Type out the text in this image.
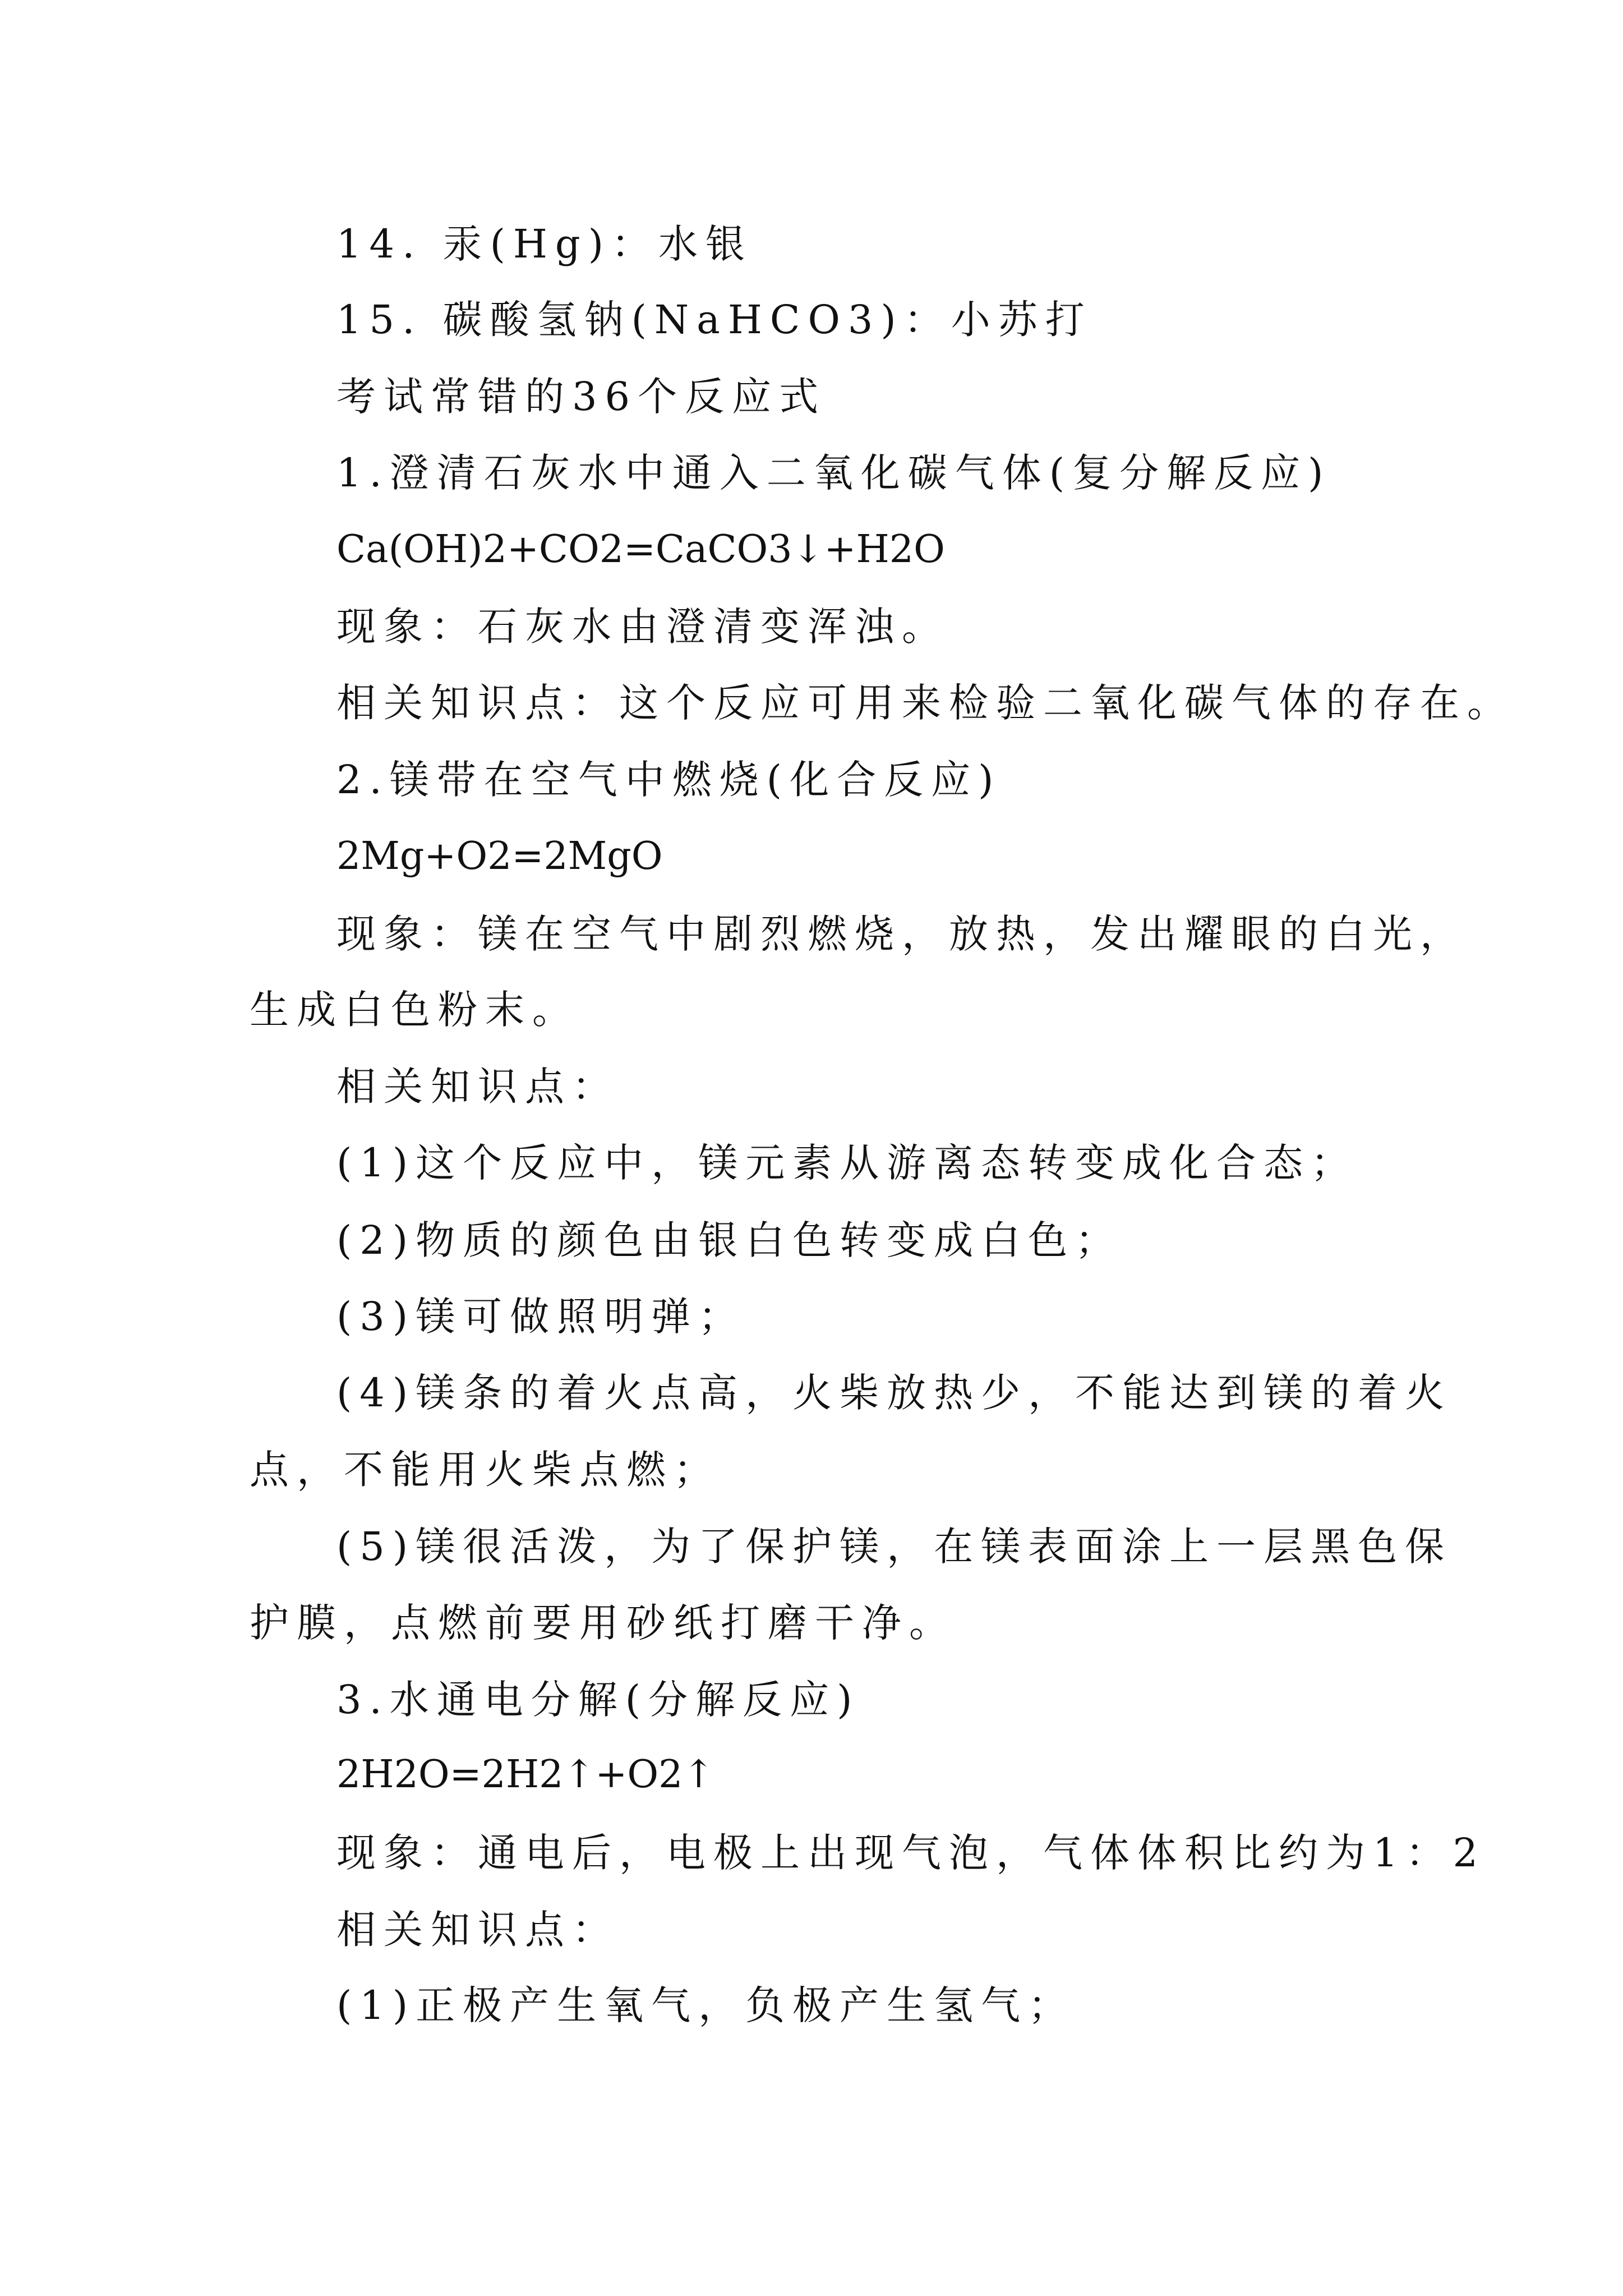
14. 汞(Hg)：水银
15. 碳酸氢钠(NaHCO3)：小苏打
考试常错的36个反应式
1.澄清石灰水中通入二氧化碳气体(复分解反应)
Ca(OH)2+CO2=CaCO3↓+H2O
现象：石灰水由澄清变浑浊。
相关知识点：这个反应可用来检验二氧化碳气体的存在。
2.镁带在空气中燃烧(化合反应)
2Mg+O2=2MgO
现象：镁在空气中剧烈燃烧，放热，发出耀眼的白光，
生成白色粉末。
相关知识点：
(1)这个反应中，镁元素从游离态转变成化合态；
(2)物质的颜色由银白色转变成白色；
(3)镁可做照明弹；
(4)镁条的着火点高，火柴放热少，不能达到镁的着火
点，不能用火柴点燃；
(5)镁很活泼，为了保护镁，在镁表面涂上一层黑色保
护膜，点燃前要用砂纸打磨干净。
3.水通电分解(分解反应)
2H2O=2H2↑+O2↑
现象：通电后，电极上出现气泡，气体体积比约为1：2
相关知识点：
(1)正极产生氧气，负极产生氢气；
